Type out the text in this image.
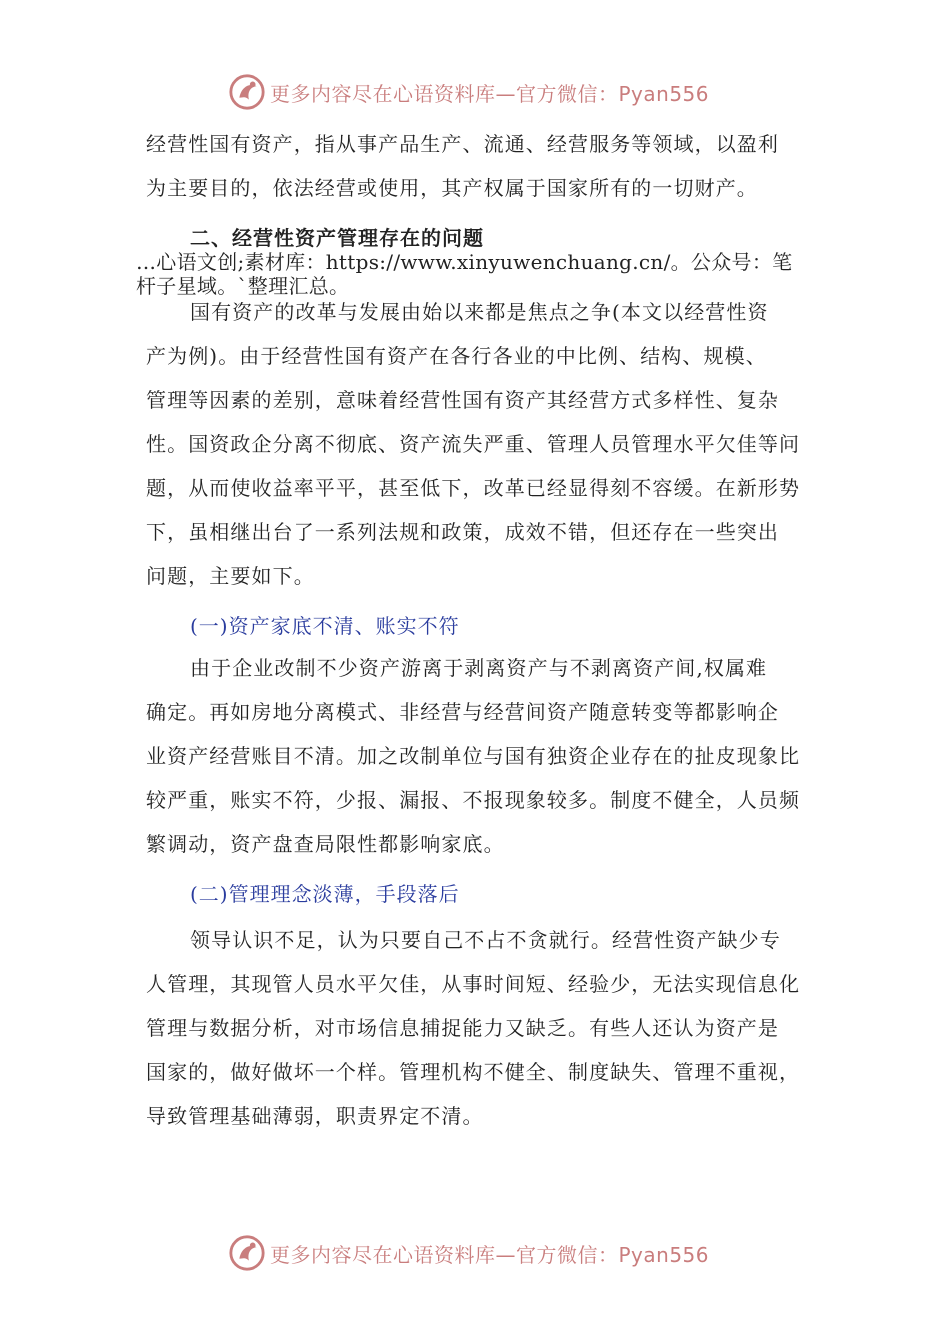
更多内容尽在心语资料库—官方微信：Pyan556
经营性国有资产，指从事产品生产、流通、经营服务等领域，以盈利
为主要目的，依法经营或使用，其产权属于国家所有的一切财产。
二、经营性资产管理存在的问题
…心语文创;素材库：https://www.xinyuwenchuang.cn/。公众号：笔
杆子星域。`整理汇总。
国有资产的改革与发展由始以来都是焦点之争(本文以经营性资
产为例)。由于经营性国有资产在各行各业的中比例、结构、规模、
管理等因素的差别，意味着经营性国有资产其经营方式多样性、复杂
性。国资政企分离不彻底、资产流失严重、管理人员管理水平欠佳等问
题，从而使收益率平平，甚至低下，改革已经显得刻不容缓。在新形势
下，虽相继出台了一系列法规和政策，成效不错，但还存在一些突出
问题，主要如下。
(一)资产家底不清、账实不符
由于企业改制不少资产游离于剥离资产与不剥离资产间,权属难
确定。再如房地分离模式、非经营与经营间资产随意转变等都影响企
业资产经营账目不清。加之改制单位与国有独资企业存在的扯皮现象比
较严重，账实不符，少报、漏报、不报现象较多。制度不健全，人员频
繁调动，资产盘查局限性都影响家底。
(二)管理理念淡薄，手段落后
领导认识不足，认为只要自己不占不贪就行。经营性资产缺少专
人管理，其现管人员水平欠佳，从事时间短、经验少，无法实现信息化
管理与数据分析，对市场信息捕捉能力又缺乏。有些人还认为资产是
国家的，做好做坏一个样。管理机构不健全、制度缺失、管理不重视，
导致管理基础薄弱，职责界定不清。
更多内容尽在心语资料库—官方微信：Pyan556
